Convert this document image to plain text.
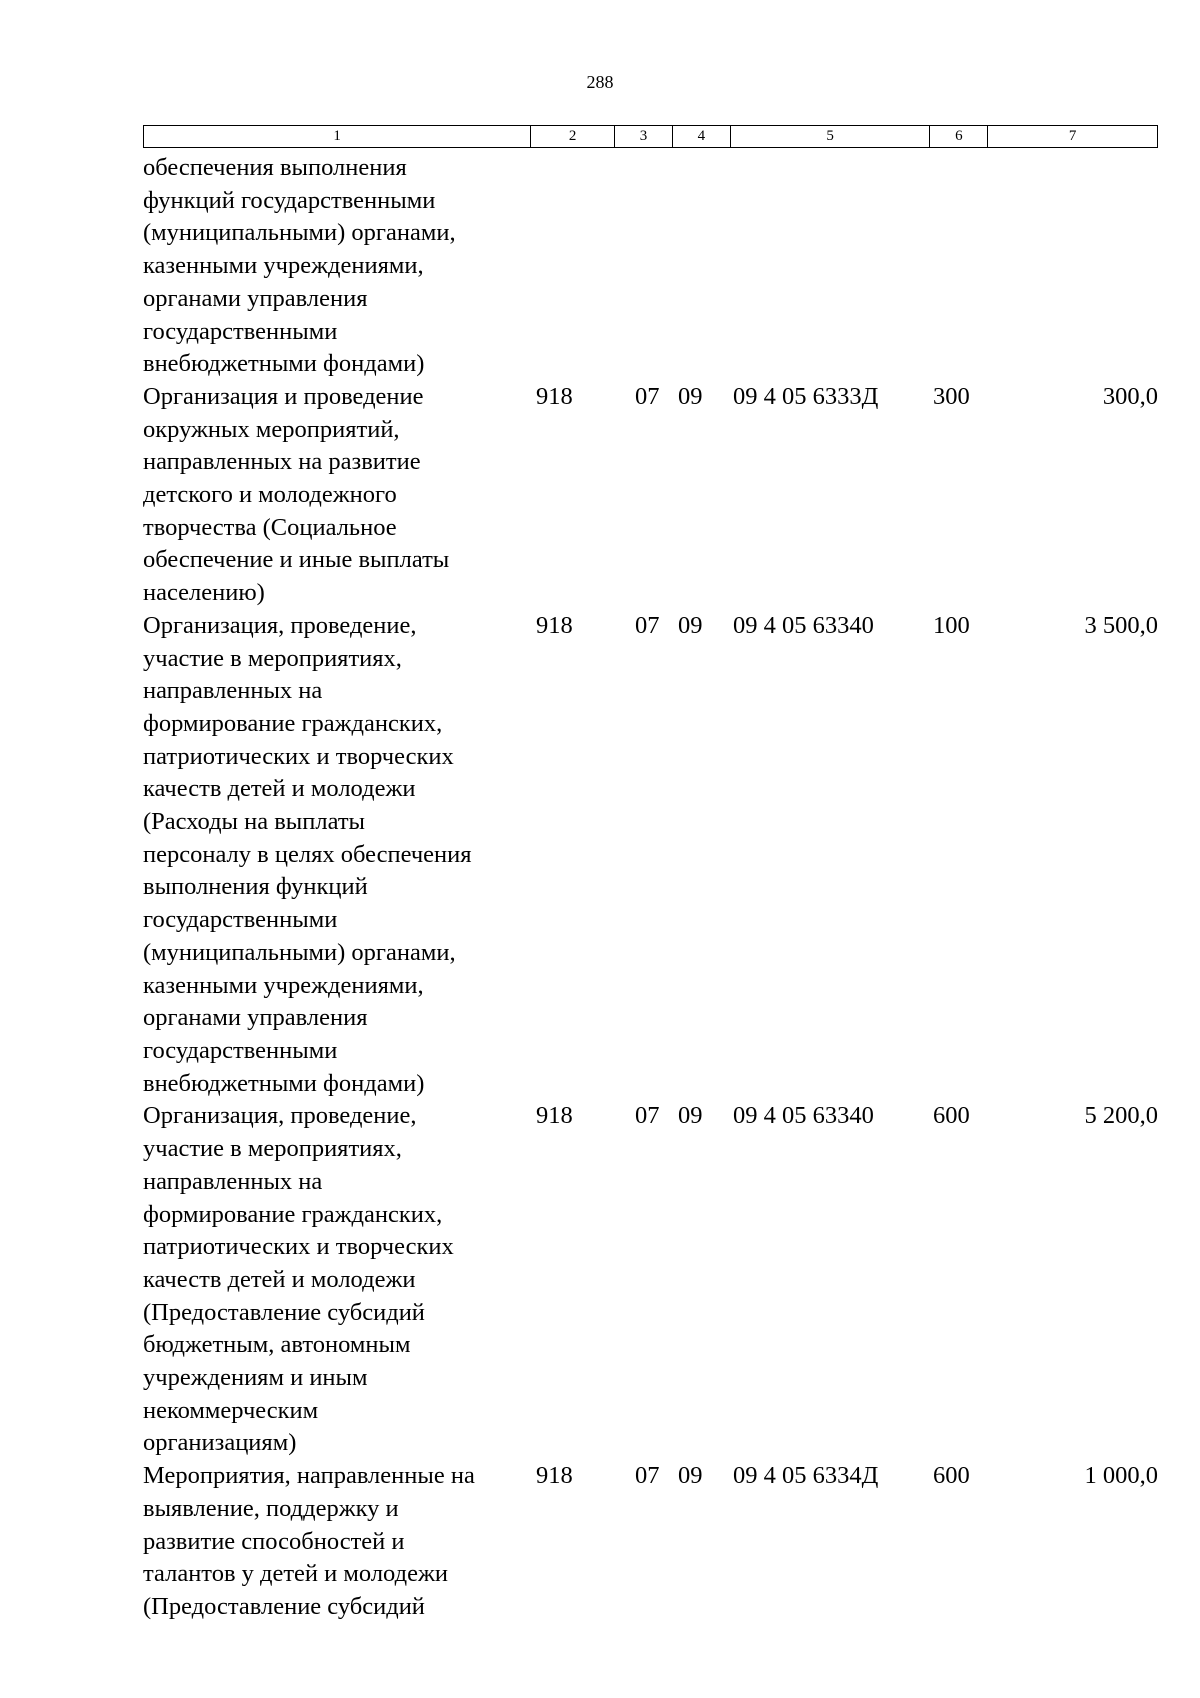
288
1	2	3	4	5	6	7
обеспечения выполнения
функций государственными
(муниципальными) органами,
казенными учреждениями,
органами управления
государственными
внебюджетными фондами)
Организация и проведение
окружных мероприятий,
направленных на развитие
детского и молодежного
творчества (Социальное
обеспечение и иные выплаты
населению)
918	07 09	09 4 05 6333Д	300	300,0
Организация, проведение,
участие в мероприятиях,
направленных на
формирование гражданских,
патриотических и творческих
качеств детей и молодежи
(Расходы на выплаты
персоналу в целях обеспечения
выполнения функций
государственными
(муниципальными) органами,
казенными учреждениями,
органами управления
государственными
внебюджетными фондами)
918	07 09	09 4 05 63340	100	3 500,0
Организация, проведение,
участие в мероприятиях,
направленных на
формирование гражданских,
патриотических и творческих
качеств детей и молодежи
(Предоставление субсидий
бюджетным, автономным
учреждениям и иным
некоммерческим
организациям)
918	07 09	09 4 05 63340	600	5 200,0
Мероприятия, направленные на
выявление, поддержку и
развитие способностей и
талантов у детей и молодежи
(Предоставление субсидий
918	07 09	09 4 05 6334Д	600	1 000,0
